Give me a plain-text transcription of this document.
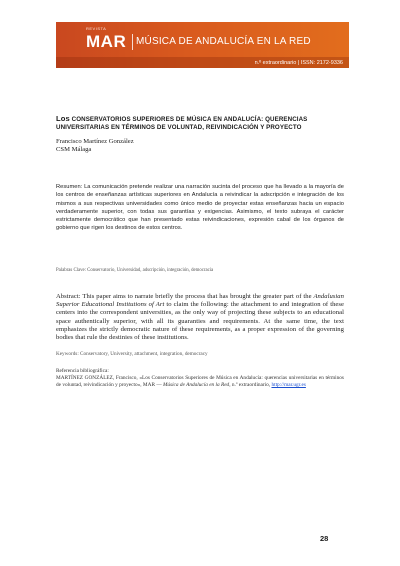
REVISTA
MAR MÚSICA DE ANDALUCÍA EN LA RED
n.º extraordinario | ISSN: 2172-9336
Los CONSERVATORIOS SUPERIORES DE MÚSICA EN ANDALUCÍA: QUERENCIAS
UNIVERSITARIAS EN TÉRMINOS DE VOLUNTAD, REIVINDICACIÓN Y PROYECTO
Francisco Martínez González
CSM Málaga
Resumen: La comunicación pretende realizar una narración sucinta del proceso que ha llevado a la mayoría de los centros de enseñanzas artísticas superiores en Andalucía a reivindicar la adscripción e integración de los mismos a sus respectivas universidades como único medio de proyectar estas enseñanzas hacia un espacio verdaderamente superior, con todas sus garantías y exigencias. Asimismo, el texto subraya el carácter estrictamente democrático que han presentado estas reivindicaciones, expresión cabal de los órganos de gobierno que rigen los destinos de estos centros.
Palabras Clave: Conservatorio, Universidad, adscripción, integración, democracia
Abstract: This paper aims to narrate briefly the process that has brought the greater part of the Andalusian Superior Educational Institutions of Art to claim the following: the attachment to and integration of these centers into the correspondent universities, as the only way of projecting these subjects to an educational space authentically superior, with all its guaranties and requirements. At the same time, the text emphasizes the strictly democratic nature of these requirements, as a proper expression of the governing bodies that rule the destinies of these institutions.
Keywords: Conservatory, University, attachment, integration, democracy
Referencia bibliográfica:
MARTÍNEZ GONZÁLEZ, Francisco, «Los Conservatorios Superiores de Música en Andalucía: querencias universitarias en términos de voluntad, reivindicación y proyecto», MAR — Música de Andalucía en la Red, n.º extraordinario, http://mar.ugr.es
28
